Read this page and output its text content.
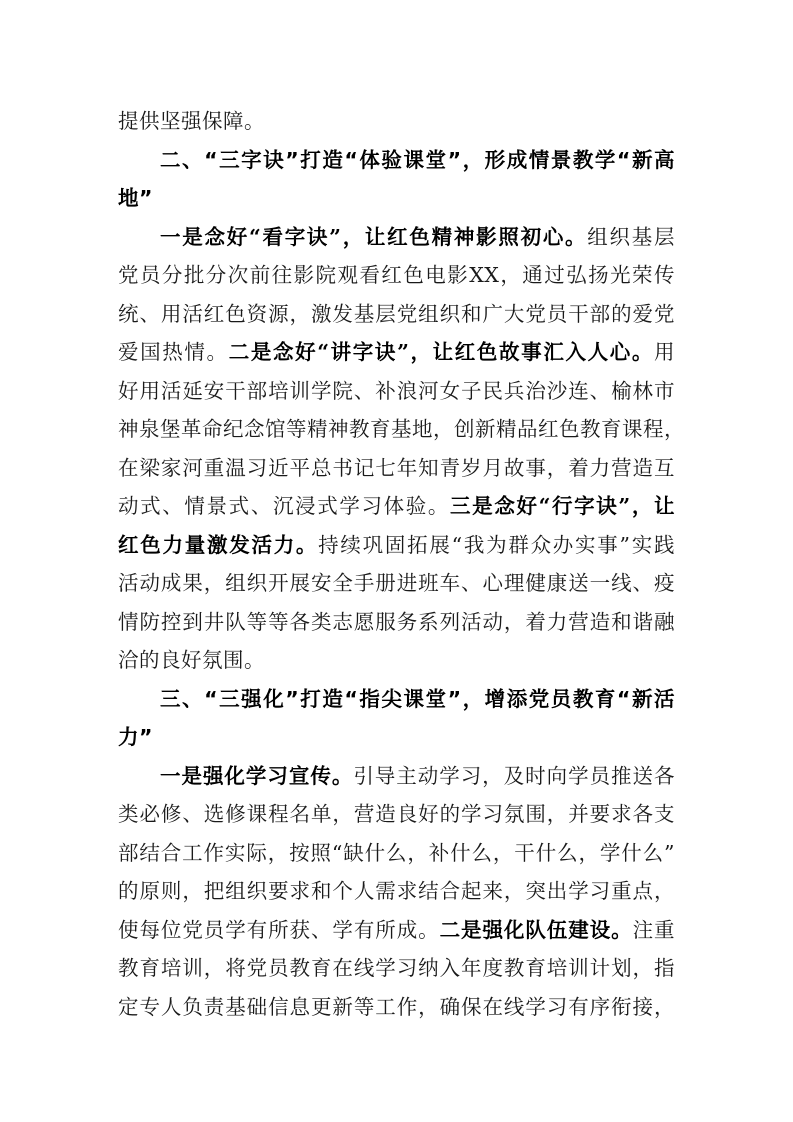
提供坚强保障。
二、“三字诀”打造“体验课堂”，形成情景教学“新高
地”
一是念好“看字诀”，让红色精神影照初心。组织基层
党员分批分次前往影院观看红色电影XX，通过弘扬光荣传
统、用活红色资源，激发基层党组织和广大党员干部的爱党
爱国热情。二是念好“讲字诀”，让红色故事汇入人心。用
好用活延安干部培训学院、补浪河女子民兵治沙连、榆林市
神泉堡革命纪念馆等精神教育基地，创新精品红色教育课程，
在梁家河重温习近平总书记七年知青岁月故事，着力营造互
动式、情景式、沉浸式学习体验。三是念好“行字诀”，让
红色力量激发活力。持续巩固拓展“我为群众办实事”实践
活动成果，组织开展安全手册进班车、心理健康送一线、疫
情防控到井队等等各类志愿服务系列活动，着力营造和谐融
洽的良好氛围。
三、“三强化”打造“指尖课堂”，增添党员教育“新活
力”
一是强化学习宣传。引导主动学习，及时向学员推送各
类必修、选修课程名单，营造良好的学习氛围，并要求各支
部结合工作实际，按照“缺什么，补什么，干什么，学什么”
的原则，把组织要求和个人需求结合起来，突出学习重点，
使每位党员学有所获、学有所成。二是强化队伍建设。注重
教育培训，将党员教育在线学习纳入年度教育培训计划，指
定专人负责基础信息更新等工作，确保在线学习有序衔接，
